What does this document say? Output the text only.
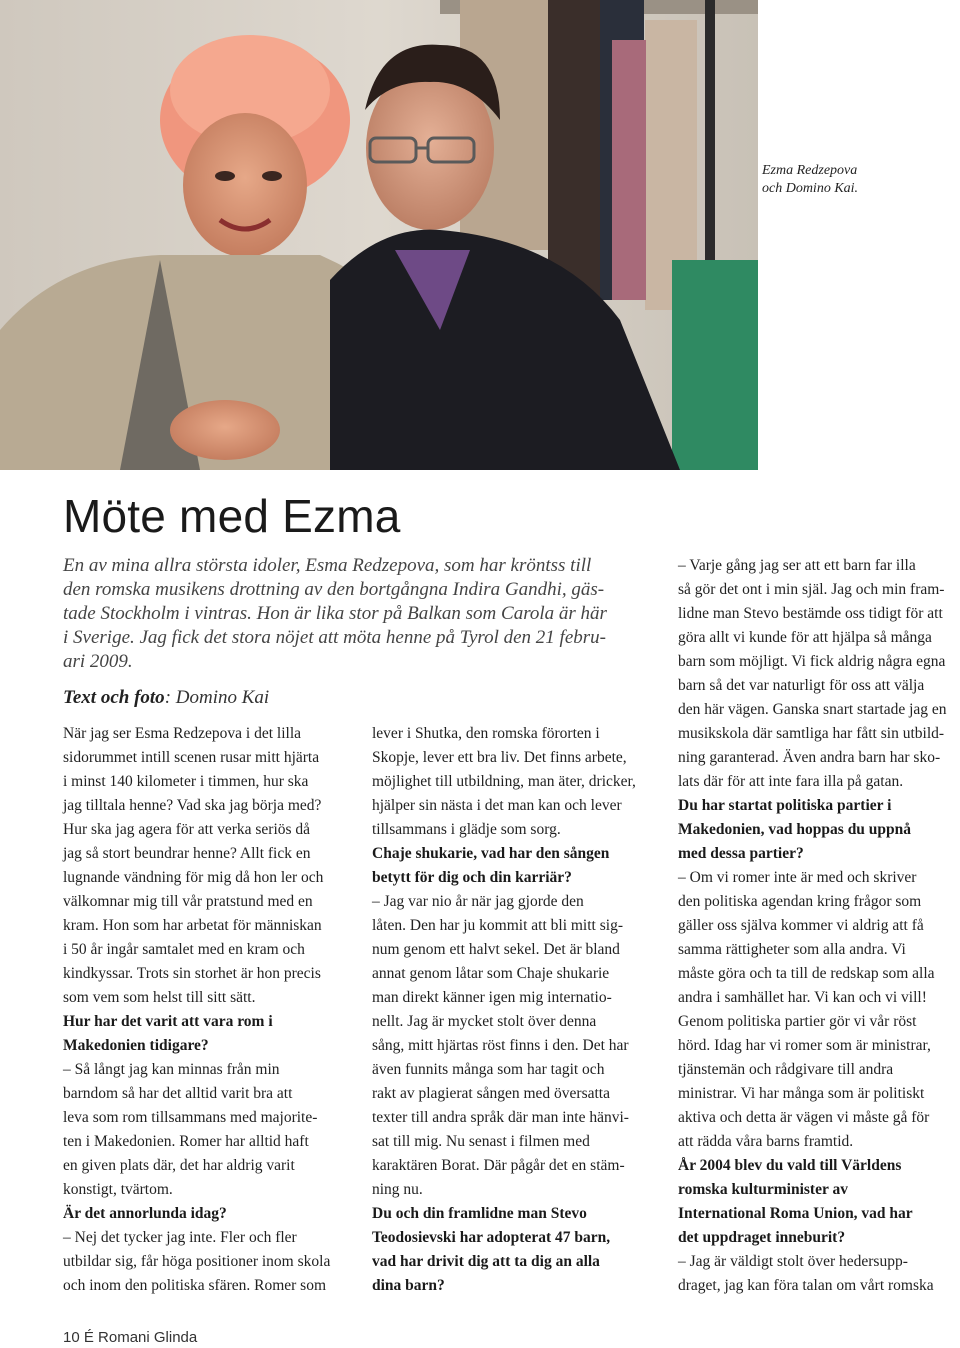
Ezma Redzepova
och Domino Kai.
Möte med Ezma

En av mina allra största idoler, Esma Redzepova, som har kröntss till

den romska musikens drottning av den bortgångna Indira Gandhi, gäs-

tade Stockholm i vintras. Hon är lika stor på Balkan som Carola är här

i Sverige. Jag fick det stora nöjet att möta henne på Tyrol den 21 febru-

ari 2009.

Text och foto: Domino Kai

När jag ser Esma Redzepova i det lilla

sidorummet intill scenen rusar mitt hjärta

i minst 140 kilometer i timmen, hur ska

jag tilltala henne? Vad ska jag börja med?

Hur ska jag agera för att verka seriös då

jag så stort beundrar henne? Allt fick en

lugnande vändning för mig då hon ler och

välkomnar mig till vår pratstund med en

kram. Hon som har arbetat för människan

i 50 år ingår samtalet med en kram och

kindkyssar. Trots sin storhet är hon precis

som vem som helst till sitt sätt.

Hur har det varit att vara rom i

Makedonien tidigare?

– Så långt jag kan minnas från min

barndom så har det alltid varit bra att

leva som rom tillsammans med majorite-

ten i Makedonien. Romer har alltid haft

en given plats där, det har aldrig varit

konstigt, tvärtom.

Är det annorlunda idag?

– Nej det tycker jag inte. Fler och fler

utbildar sig, får höga positioner inom skola

och inom den politiska sfären. Romer som

lever i Shutka, den romska förorten i

Skopje, lever ett bra liv. Det finns arbete,

möjlighet till utbildning, man äter, dricker,

hjälper sin nästa i det man kan och lever

tillsammans i glädje som sorg.

Chaje shukarie, vad har den sången

betytt för dig och din karriär?

– Jag var nio år när jag gjorde den

låten. Den har ju kommit att bli mitt sig-

num genom ett halvt sekel. Det är bland

annat genom låtar som Chaje shukarie

man direkt känner igen mig internatio-

nellt. Jag är mycket stolt över denna

sång, mitt hjärtas röst finns i den. Det har

även funnits många som har tagit och

rakt av plagierat sången med översatta

texter till andra språk där man inte hänvi-

sat till mig. Nu senast i filmen med

karaktären Borat. Där pågår det en stäm-

ning nu.

Du och din framlidne man Stevo

Teodosievski har adopterat 47 barn,

vad har drivit dig att ta dig an alla

dina barn?

– Varje gång jag ser att ett barn far illa

så gör det ont i min själ. Jag och min fram-

lidne man Stevo bestämde oss tidigt för att

göra allt vi kunde för att hjälpa så många

barn som möjligt. Vi fick aldrig några egna

barn så det var naturligt för oss att välja

den här vägen. Ganska snart startade jag en

musikskola där samtliga har fått sin utbild-

ning garanterad. Även andra barn har sko-

lats där för att inte fara illa på gatan.

Du har startat politiska partier i

Makedonien, vad hoppas du uppnå

med dessa partier?

– Om vi romer inte är med och skriver

den politiska agendan kring frågor som

gäller oss själva kommer vi aldrig att få

samma rättigheter som alla andra. Vi

måste göra och ta till de redskap som alla

andra i samhället har. Vi kan och vi vill!

Genom politiska partier gör vi vår röst

hörd. Idag har vi romer som är ministrar,

tjänstemän och rådgivare till andra

ministrar. Vi har många som är politiskt

aktiva och detta är vägen vi måste gå för

att rädda våra barns framtid.

År 2004 blev du vald till Världens

romska kulturminister av

International Roma Union, vad har

det uppdraget inneburit?

– Jag är väldigt stolt över hedersupp-

draget, jag kan föra talan om vårt romska

10 É Romani Glinda
